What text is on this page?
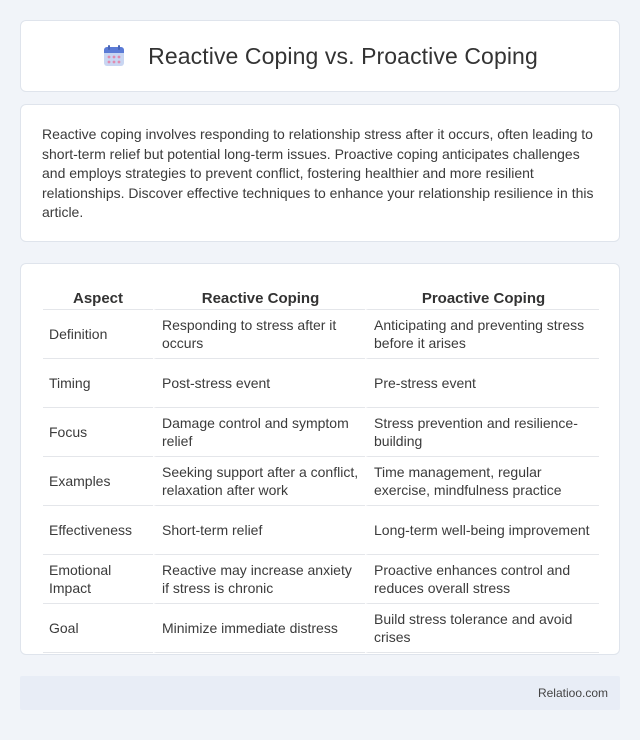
Reactive Coping vs. Proactive Coping

Reactive coping involves responding to relationship stress after it occurs, often leading to short-term relief but potential long-term issues. Proactive coping anticipates challenges and employs strategies to prevent conflict, fostering healthier and more resilient relationships. Discover effective techniques to enhance your relationship resilience in this article.

Aspect	Reactive Coping	Proactive Coping
Definition	Responding to stress after it occurs	Anticipating and preventing stress before it arises
Timing	Post-stress event	Pre-stress event
Focus	Damage control and symptom relief	Stress prevention and resilience-building
Examples	Seeking support after a conflict, relaxation after work	Time management, regular exercise, mindfulness practice
Effectiveness	Short-term relief	Long-term well-being improvement
Emotional Impact	Reactive may increase anxiety if stress is chronic	Proactive enhances control and reduces overall stress
Goal	Minimize immediate distress	Build stress tolerance and avoid crises
Relatioo.com
